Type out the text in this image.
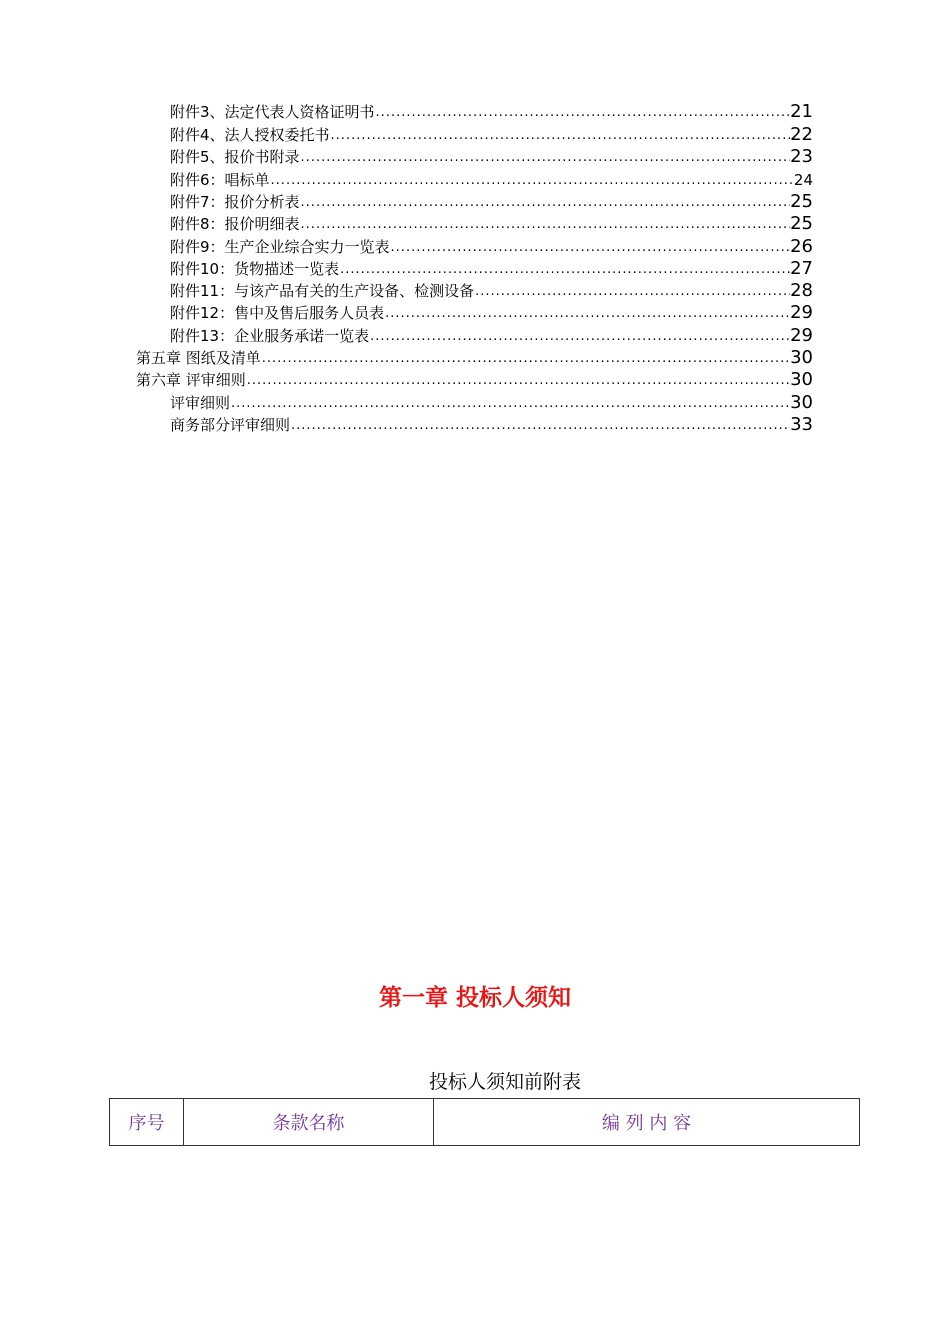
附件3、法定代表人资格证明书 .....	21
附件4、法人授权委托书 .....	22
附件5、报价书附录 .....	23
附件6：唱标单 .....	24
附件7：报价分析表 .....	25
附件8：报价明细表 .....	25
附件9：生产企业综合实力一览表 .....	26
附件10：货物描述一览表 .....	27
附件11：与该产品有关的生产设备、检测设备 .....	28
附件12：售中及售后服务人员表 .....	29
附件13：企业服务承诺一览表 .....	29
第五章 图纸及清单 .....	30
第六章 评审细则 .....	30
评审细则 .....	30
商务部分评审细则 .....	33
第一章 投标人须知
投标人须知前附表
序号	条款名称	编 列 内 容
